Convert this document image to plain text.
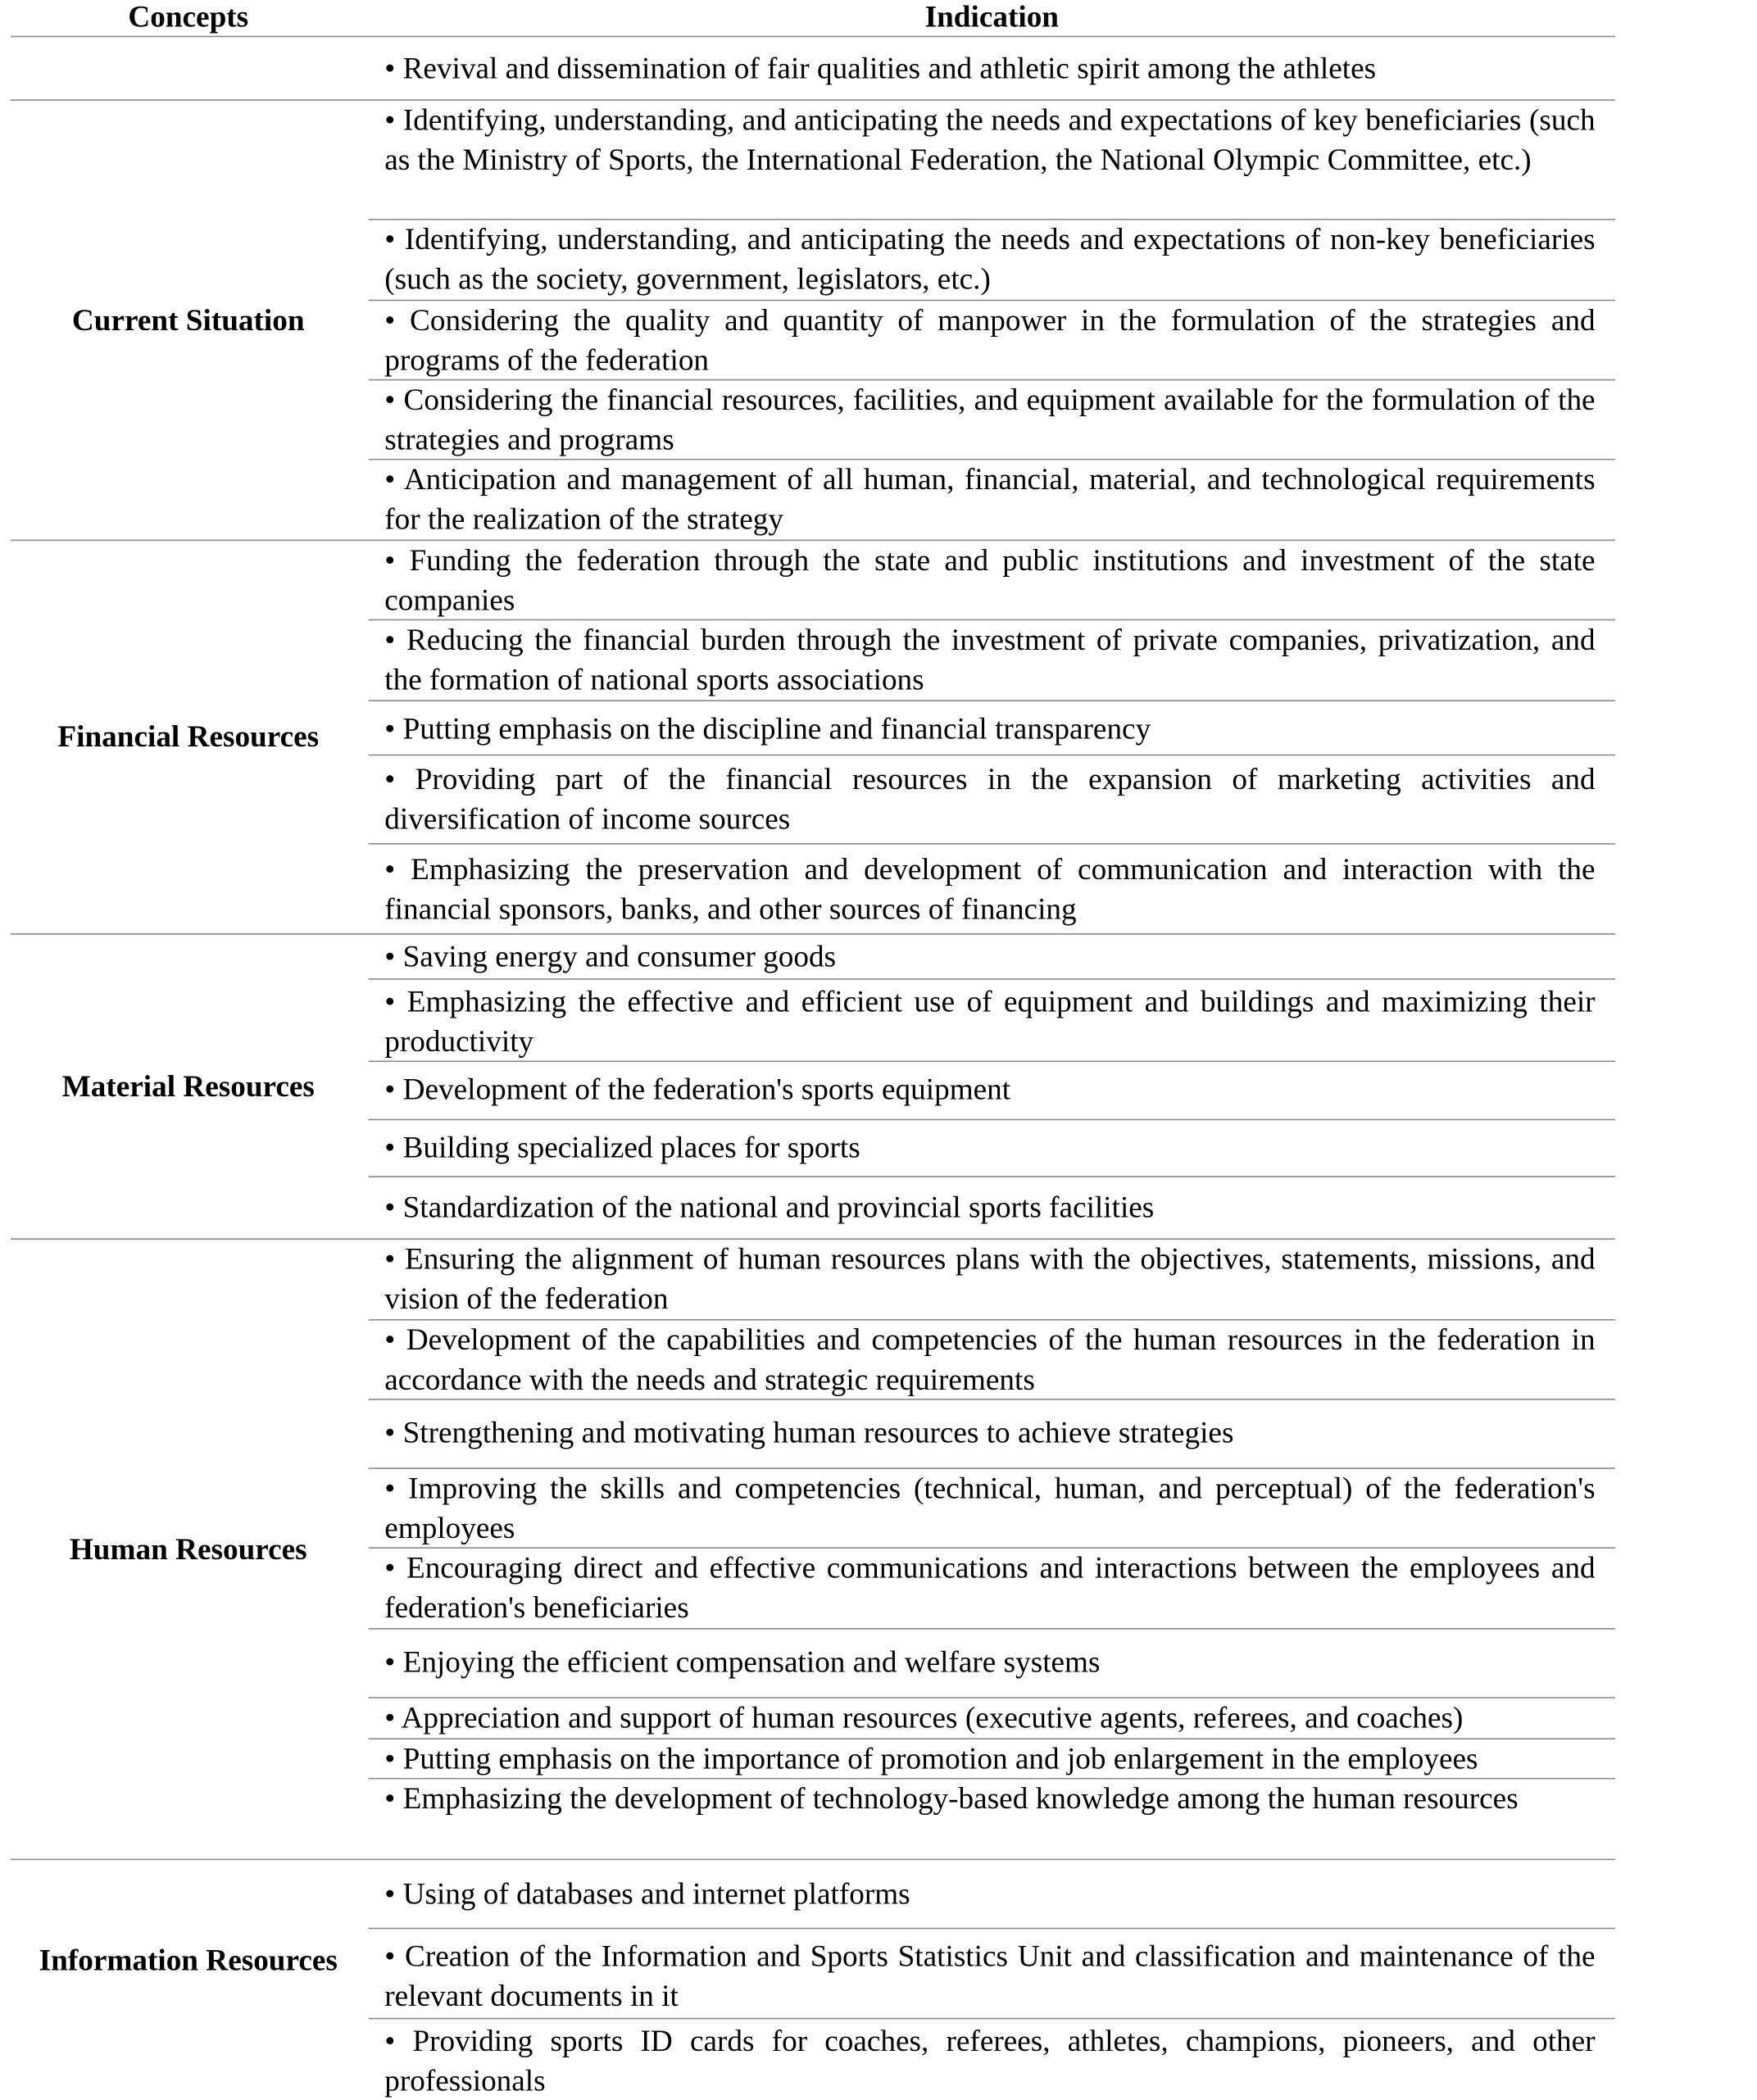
Concepts	Indication
• Revival and dissemination of fair qualities and athletic spirit among the athletes
Current Situation
• Identifying, understanding, and anticipating the needs and expectations of key beneficiaries (such as the Ministry of Sports, the International Federation, the National Olympic Committee, etc.)
• Identifying, understanding, and anticipating the needs and expectations of non-key beneficiaries (such as the society, government, legislators, etc.)
• Considering the quality and quantity of manpower in the formulation of the strategies and programs of the federation
• Considering the financial resources, facilities, and equipment available for the formulation of the strategies and programs
• Anticipation and management of all human, financial, material, and technological requirements for the realization of the strategy
Financial Resources
• Funding the federation through the state and public institutions and investment of the state companies
• Reducing the financial burden through the investment of private companies, privatization, and the formation of national sports associations
• Putting emphasis on the discipline and financial transparency
• Providing part of the financial resources in the expansion of marketing activities and diversification of income sources
• Emphasizing the preservation and development of communication and interaction with the financial sponsors, banks, and other sources of financing
Material Resources
• Saving energy and consumer goods
• Emphasizing the effective and efficient use of equipment and buildings and maximizing their productivity
• Development of the federation's sports equipment
• Building specialized places for sports
• Standardization of the national and provincial sports facilities
Human Resources
• Ensuring the alignment of human resources plans with the objectives, statements, missions, and vision of the federation
• Development of the capabilities and competencies of the human resources in the federation in accordance with the needs and strategic requirements
• Strengthening and motivating human resources to achieve strategies
• Improving the skills and competencies (technical, human, and perceptual) of the federation's employees
• Encouraging direct and effective communications and interactions between the employees and federation's beneficiaries
• Enjoying the efficient compensation and welfare systems
• Appreciation and support of human resources (executive agents, referees, and coaches)
• Putting emphasis on the importance of promotion and job enlargement in the employees
• Emphasizing the development of technology-based knowledge among the human resources
Information Resources
• Using of databases and internet platforms
• Creation of the Information and Sports Statistics Unit and classification and maintenance of the relevant documents in it
• Providing sports ID cards for coaches, referees, athletes, champions, pioneers, and other professionals
